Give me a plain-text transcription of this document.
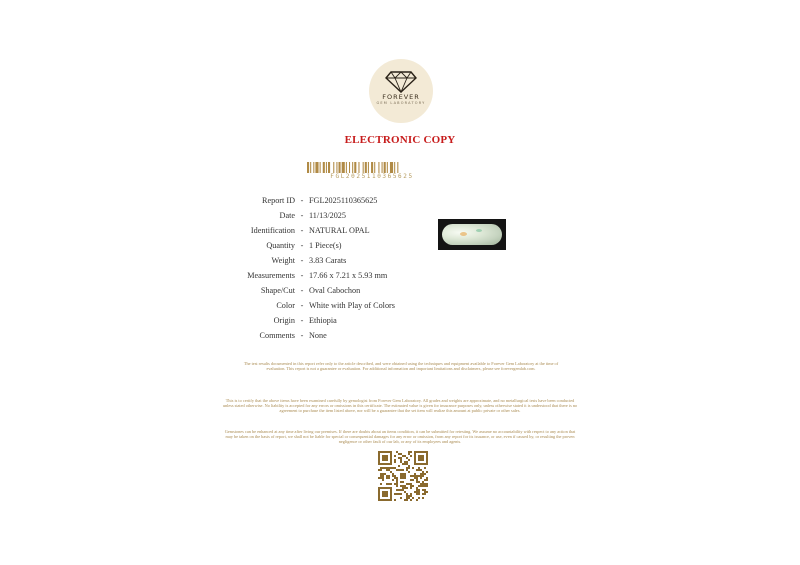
FOREVER
GEM LABORATORY
ELECTRONIC COPY
FGL2025110365625
Report ID	-	FGL2025110365625
Date	-	11/13/2025
Identification	-	NATURAL OPAL
Quantity	-	1 Piece(s)
Weight	-	3.83 Carats
Measurements	-	17.66 x 7.21 x 5.93 mm
Shape/Cut	-	Oval Cabochon
Color	-	White with Play of Colors
Origin	-	Ethiopia
Comments	-	None
The test results documented in this report refer only to the article described, and were obtained using the techniques and equipment available to Forever Gem Laboratory at the time of evaluation. This report is not a guarantee or evaluation. For additional information and important limitations and disclaimers, please see forevergemlab.com.
This is to certify that the above items have been examined carefully by gemologist from Forever Gem Laboratory. All grades and weights are approximate, and no metallurgical tests have been conducted unless stated otherwise. No liability is accepted for any errors or omissions in this certificate. The estimated value is given for insurance purposes only, unless otherwise stated it is understood that there is no agreement to purchase the item listed above, nor will be a guarantee that the set item will realize this amount at public private or other sales.
Gemstones can be enhanced at any time after living our premises. If there are doubts about an items condition, it can be submitted for retesting. We assume no accountability with respect to any action that may be taken on the basis of report, we shall not be liable for special or consequential damages for any error or omission, from any report for its issuance, or use, even if caused by, or resulting the proven negligence or other fault of our lab, or any of its employees and agents.
